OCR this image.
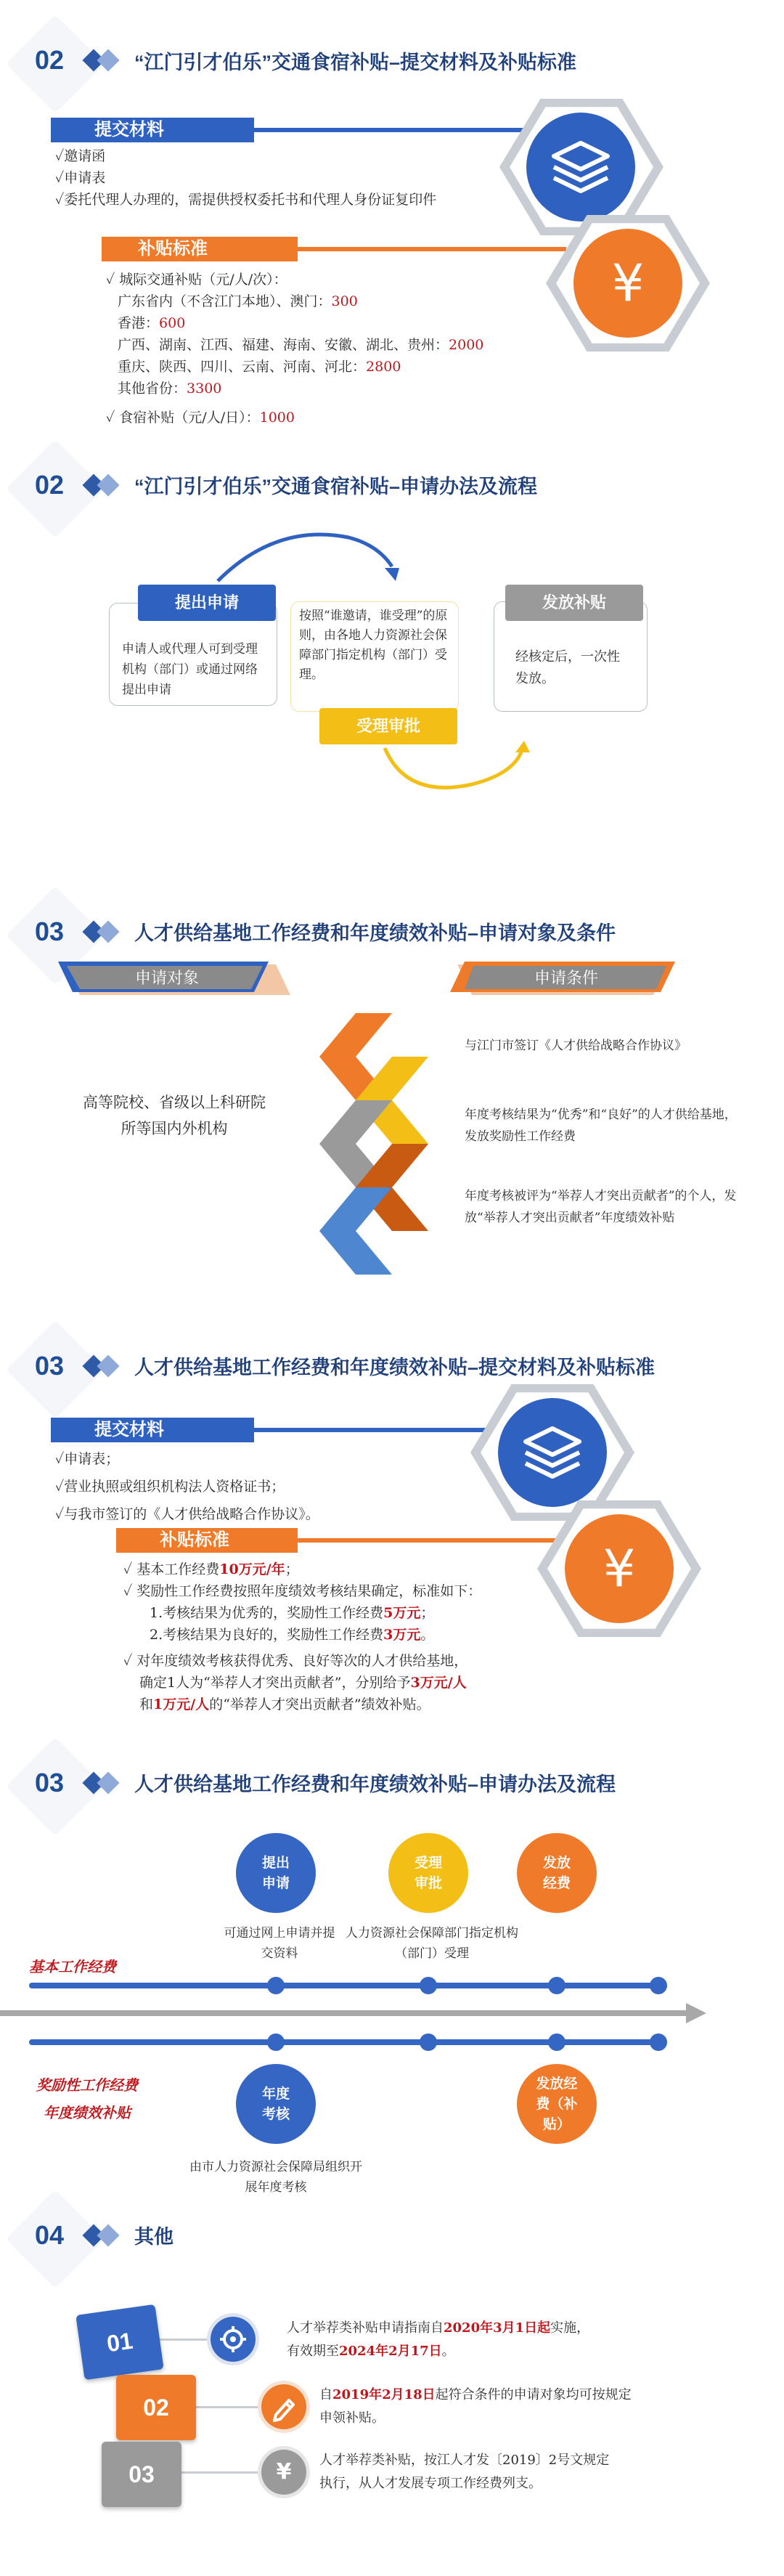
02	“江门引才伯乐”交通食宿补贴–提交材料及补贴标准
提交材料
✓邀请函
✓申请表
✓委托代理人办理的，需提供授权委托书和代理人身份证复印件
补贴标准
✓ 城际交通补贴（元/人/次）：
广东省内（不含江门本地）、澳门：300
香港：600
广西、湖南、江西、福建、海南、安徽、湖北、贵州：2000
重庆、陕西、四川、云南、河南、河北：2800
其他省份：3300
✓ 食宿补贴（元/人/日）：1000
¥
02	“江门引才伯乐”交通食宿补贴–申请办法及流程
提出申请
申请人或代理人可到受理机构（部门）或通过网络提出申请
按照“谁邀请，谁受理”的原则，由各地人力资源社会保障部门指定机构（部门）受理。
受理审批
发放补贴
经核定后，一次性发放。
03	人才供给基地工作经费和年度绩效补贴–申请对象及条件
申请对象	申请条件
高等院校、省级以上科研院所等国内外机构
与江门市签订《人才供给战略合作协议》
年度考核结果为“优秀”和“良好”的人才供给基地，发放奖励性工作经费
年度考核被评为“举荐人才突出贡献者”的个人，发放“举荐人才突出贡献者”年度绩效补贴
03	人才供给基地工作经费和年度绩效补贴–提交材料及补贴标准
提交材料
✓申请表；
✓营业执照或组织机构法人资格证书；
✓与我市签订的《人才供给战略合作协议》。
补贴标准
✓ 基本工作经费10万元/年；
✓ 奖励性工作经费按照年度绩效考核结果确定，标准如下：
1.考核结果为优秀的，奖励性工作经费5万元；
2.考核结果为良好的，奖励性工作经费3万元。
✓ 对年度绩效考核获得优秀、良好等次的人才供给基地，
确定1人为“举荐人才突出贡献者”，分别给予3万元/人
和1万元/人的“举荐人才突出贡献者”绩效补贴。
¥
03	人才供给基地工作经费和年度绩效补贴–申请办法及流程
提出申请
受理审批
发放经费
可通过网上申请并提交资料
人力资源社会保障部门指定机构（部门）受理
基本工作经费
奖励性工作经费
年度绩效补贴
年度考核
发放经费（补贴）
由市人力资源社会保障局组织开展年度考核
04	其他
01
02
03	¥
人才举荐类补贴申请指南自2020年3月1日起实施，
有效期至2024年2月17日。
自2019年2月18日起符合条件的申请对象均可按规定
申领补贴。
人才举荐类补贴，按江人才发〔2019〕2号文规定
执行，从人才发展专项工作经费列支。
